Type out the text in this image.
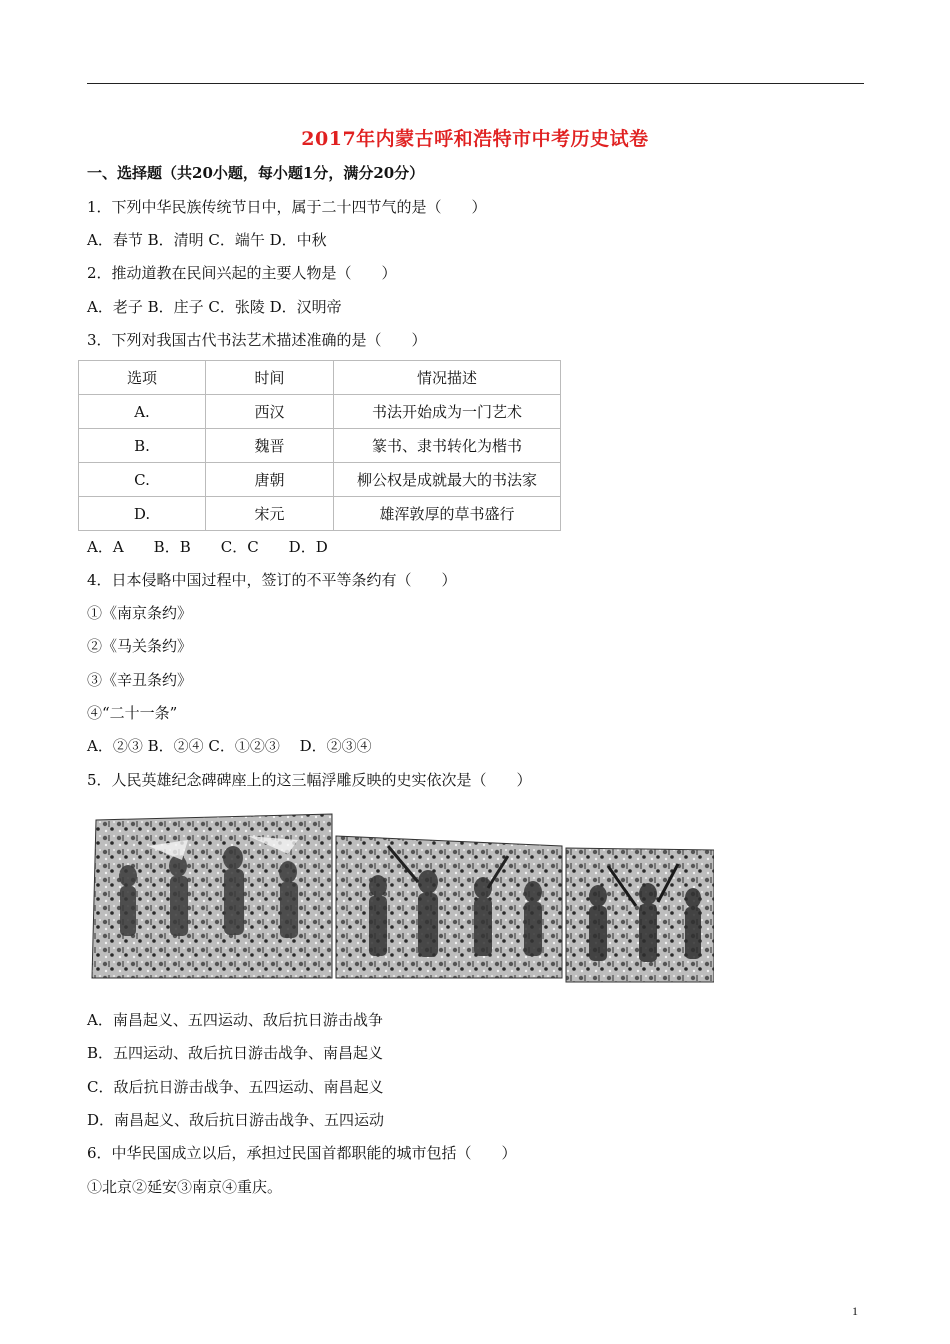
2017年内蒙古呼和浩特市中考历史试卷
一、选择题（共20小题，每小题1分，满分20分）
1．下列中华民族传统节日中，属于二十四节气的是（　　）
A．春节 B．清明 C．端午 D．中秋
2．推动道教在民间兴起的主要人物是（　　）
A．老子 B．庄子 C．张陵 D．汉明帝
3．下列对我国古代书法艺术描述准确的是（　　）
选项	时间	情况描述
A.	西汉	书法开始成为一门艺术
B.	魏晋	篆书、隶书转化为楷书
C.	唐朝	柳公权是成就最大的书法家
D.	宋元	雄浑敦厚的草书盛行
A．A　　B．B　　C．C　　D．D
4．日本侵略中国过程中，签订的不平等条约有（　　）
①《南京条约》
②《马关条约》
③《辛丑条约》
④“二十一条”
A．②③ B．②④ C．①②③　 D．②③④
5．人民英雄纪念碑碑座上的这三幅浮雕反映的史实依次是（　　）
A．南昌起义、五四运动、敌后抗日游击战争
B．五四运动、敌后抗日游击战争、南昌起义
C．敌后抗日游击战争、五四运动、南昌起义
D．南昌起义、敌后抗日游击战争、五四运动
6．中华民国成立以后，承担过民国首都职能的城市包括（　　）
①北京②延安③南京④重庆。
1
